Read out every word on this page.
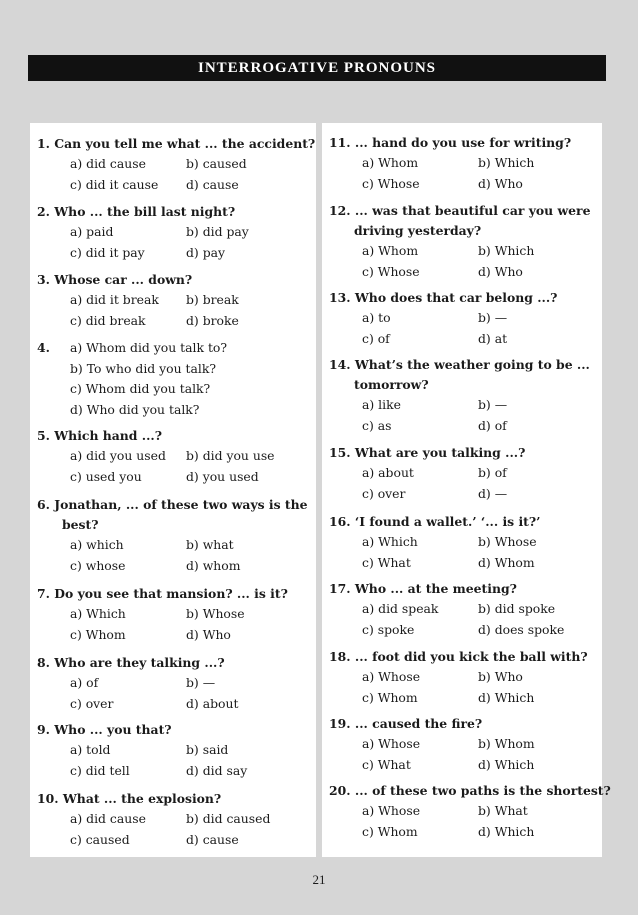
INTERROGATIVE PRONOUNS
1. Can you tell me what ... the accident?
a) did cause	b) caused
c) did it cause d) cause
2. Who ... the bill last night?
a) paid	b) did pay
c) did it pay	d) pay
3. Whose car ... down?
a) did it break b) break
c) did break	d) broke
4. a) Whom did you talk to?
b) To who did you talk?
c) Whom did you talk?
d) Who did you talk?
5. Which hand ...?
a) did you used b) did you use
c) used you	d) you used
6. Jonathan, ... of these two ways is the
best?
a) which	b) what
c) whose	d) whom
7. Do you see that mansion? ... is it?
a) Which	b) Whose
c) Whom	d) Who
8. Who are they talking ...?
a) of	b) —
c) over	d) about
9. Who ... you that?
a) told	b) said
c) did tell	d) did say
10. What ... the explosion?
a) did cause	b) did caused
c) caused	d) cause
11. ... hand do you use for writing?
a) Whom	b) Which
c) Whose	d) Who
12. ... was that beautiful car you were
driving yesterday?
a) Whom	b) Which
c) Whose	d) Who
13. Who does that car belong ...?
a) to	b) —
c) of	d) at
14. What’s the weather going to be ...
tomorrow?
a) like	b) —
c) as	d) of
15. What are you talking ...?
a) about	b) of
c) over	d) —
16. ‘I found a wallet.’ ‘... is it?’
a) Which	b) Whose
c) What	d) Whom
17. Who ... at the meeting?
a) did speak	b) did spoke
c) spoke	d) does spoke
18. ... foot did you kick the ball with?
a) Whose	b) Who
c) Whom	d) Which
19. ... caused the fire?
a) Whose	b) Whom
c) What	d) Which
20. ... of these two paths is the shortest?
a) Whose	b) What
c) Whom	d) Which
21
